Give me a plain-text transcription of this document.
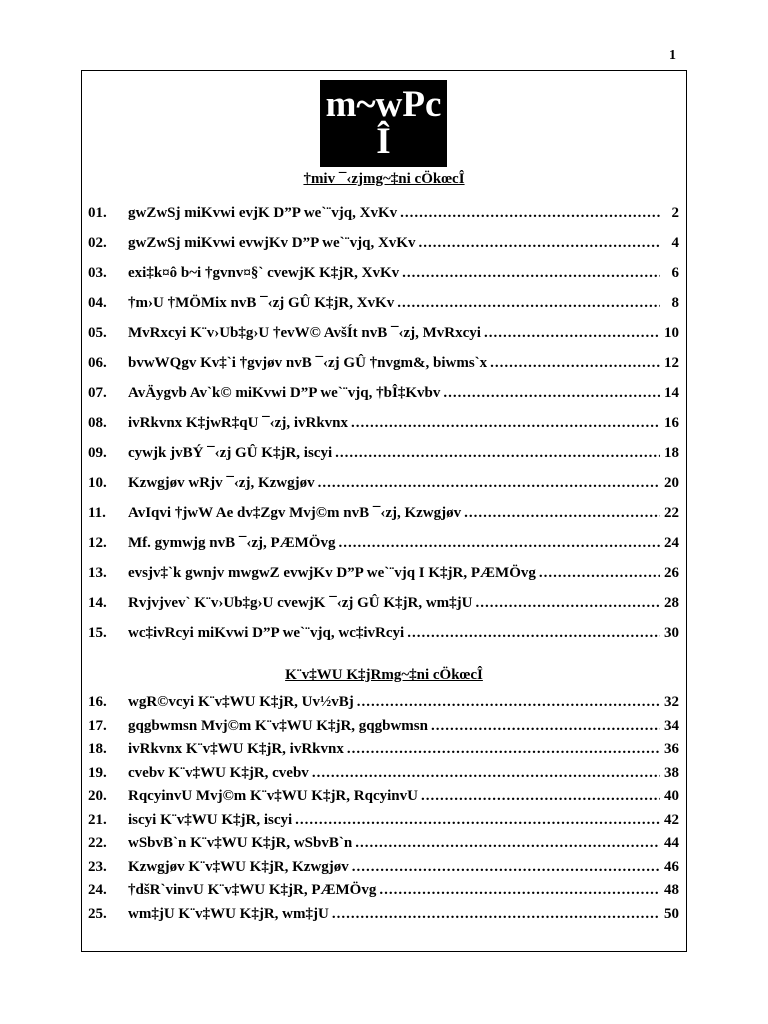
1
m~wPc
Î
†miv ¯‹zjmg~‡ni cÖkœcÎ
01.	gwZwSj miKvwi evjK D”P we`¨vjq, XvKv .....	2
02.	gwZwSj miKvwi evwjKv D”P we`¨vjq, XvKv .....	4
03.	exi‡k¤ô b~i †gvnv¤§` cvewjK K‡jR, XvKv .....	6
04.	†m›U †MÖMix nvB ¯‹zj GÛ K‡jR, XvKv .....	8
05.	MvRxcyi K¨v›Ub‡g›U †evW© AvšÍt nvB ¯‹zj, MvRxcyi .....	10
06.	bvwWQgv Kv‡`i †gvjøv nvB ¯‹zj GÛ †nvgm&, biwms`x .....	12
07.	AvÄygvb Av`k© miKvwi D”P we`¨vjq, †bÎ‡Kvbv .....	14
08.	ivRkvnx K‡jwR‡qU ¯‹zj, ivRkvnx .....	16
09.	cywjk jvBÝ ¯‹zj GÛ K‡jR, iscyi .....	18
10.	Kzwgjøv wRjv ¯‹zj, Kzwgjøv .....	20
11.	AvIqvi †jwW Ae dv‡Zgv Mvj©m nvB ¯‹zj, Kzwgjøv .....	22
12.	Mf. gymwjg nvB ¯‹zj, PÆMÖvg .....	24
13.	evsjv‡`k gwnjv mwgwZ evwjKv D”P we`¨vjq I K‡jR, PÆMÖvg .....	26
14.	Rvjvjvev` K¨v›Ub‡g›U cvewjK ¯‹zj GÛ K‡jR, wm‡jU .....	28
15.	wc‡ivRcyi miKvwi D”P we`¨vjq, wc‡ivRcyi .....	30
K¨v‡WU K‡jRmg~‡ni cÖkœcÎ
16.	wgR©vcyi K¨v‡WU K‡jR, Uv½vBj .....	32
17.	gqgbwmsn Mvj©m K¨v‡WU K‡jR, gqgbwmsn .....	34
18.	ivRkvnx K¨v‡WU K‡jR, ivRkvnx .....	36
19.	cvebv K¨v‡WU K‡jR, cvebv .....	38
20.	RqcyinvU Mvj©m K¨v‡WU K‡jR, RqcyinvU .....	40
21.	iscyi K¨v‡WU K‡jR, iscyi .....	42
22.	wSbvB`n K¨v‡WU K‡jR, wSbvB`n .....	44
23.	Kzwgjøv K¨v‡WU K‡jR, Kzwgjøv .....	46
24.	†dšR`vinvU K¨v‡WU K‡jR, PÆMÖvg .....	48
25.	wm‡jU K¨v‡WU K‡jR, wm‡jU .....	50
